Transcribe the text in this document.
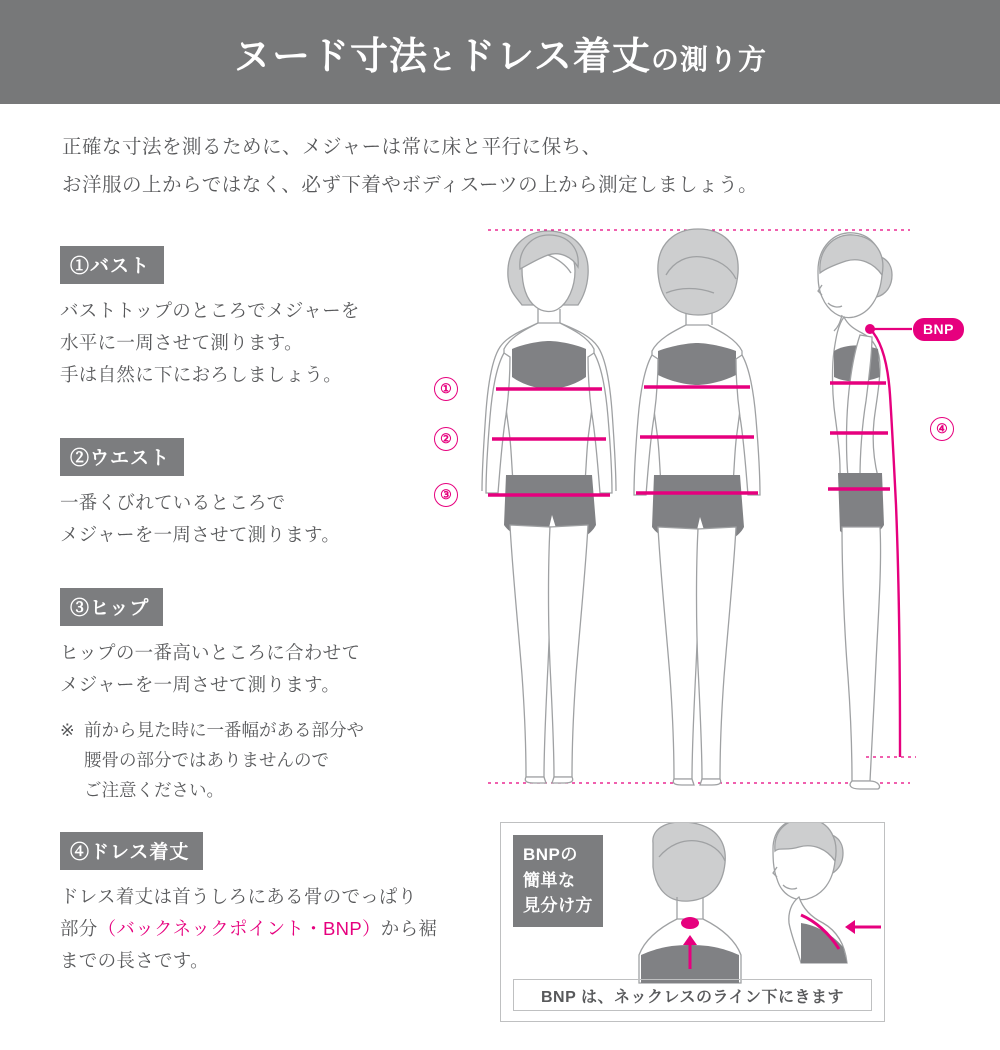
ヌード寸法とドレス着丈の測り方
正確な寸法を測るために、メジャーは常に床と平行に保ち、
お洋服の上からではなく、必ず下着やボディスーツの上から測定しましょう。
①バスト
バストトップのところでメジャーを
水平に一周させて測ります。
手は自然に下におろしましょう。
②ウエスト
一番くびれているところで
メジャーを一周させて測ります。
③ヒップ
ヒップの一番高いところに合わせて
メジャーを一周させて測ります。
※ 前から見た時に一番幅がある部分や
腰骨の部分ではありませんので
ご注意ください。
④ドレス着丈
ドレス着丈は首うしろにある骨のでっぱり
部分（バックネックポイント・BNP）から裾
までの長さです。
BNP
①
②
③
④
BNPの
簡単な
見分け方
BNP は、ネックレスのライン下にきます
